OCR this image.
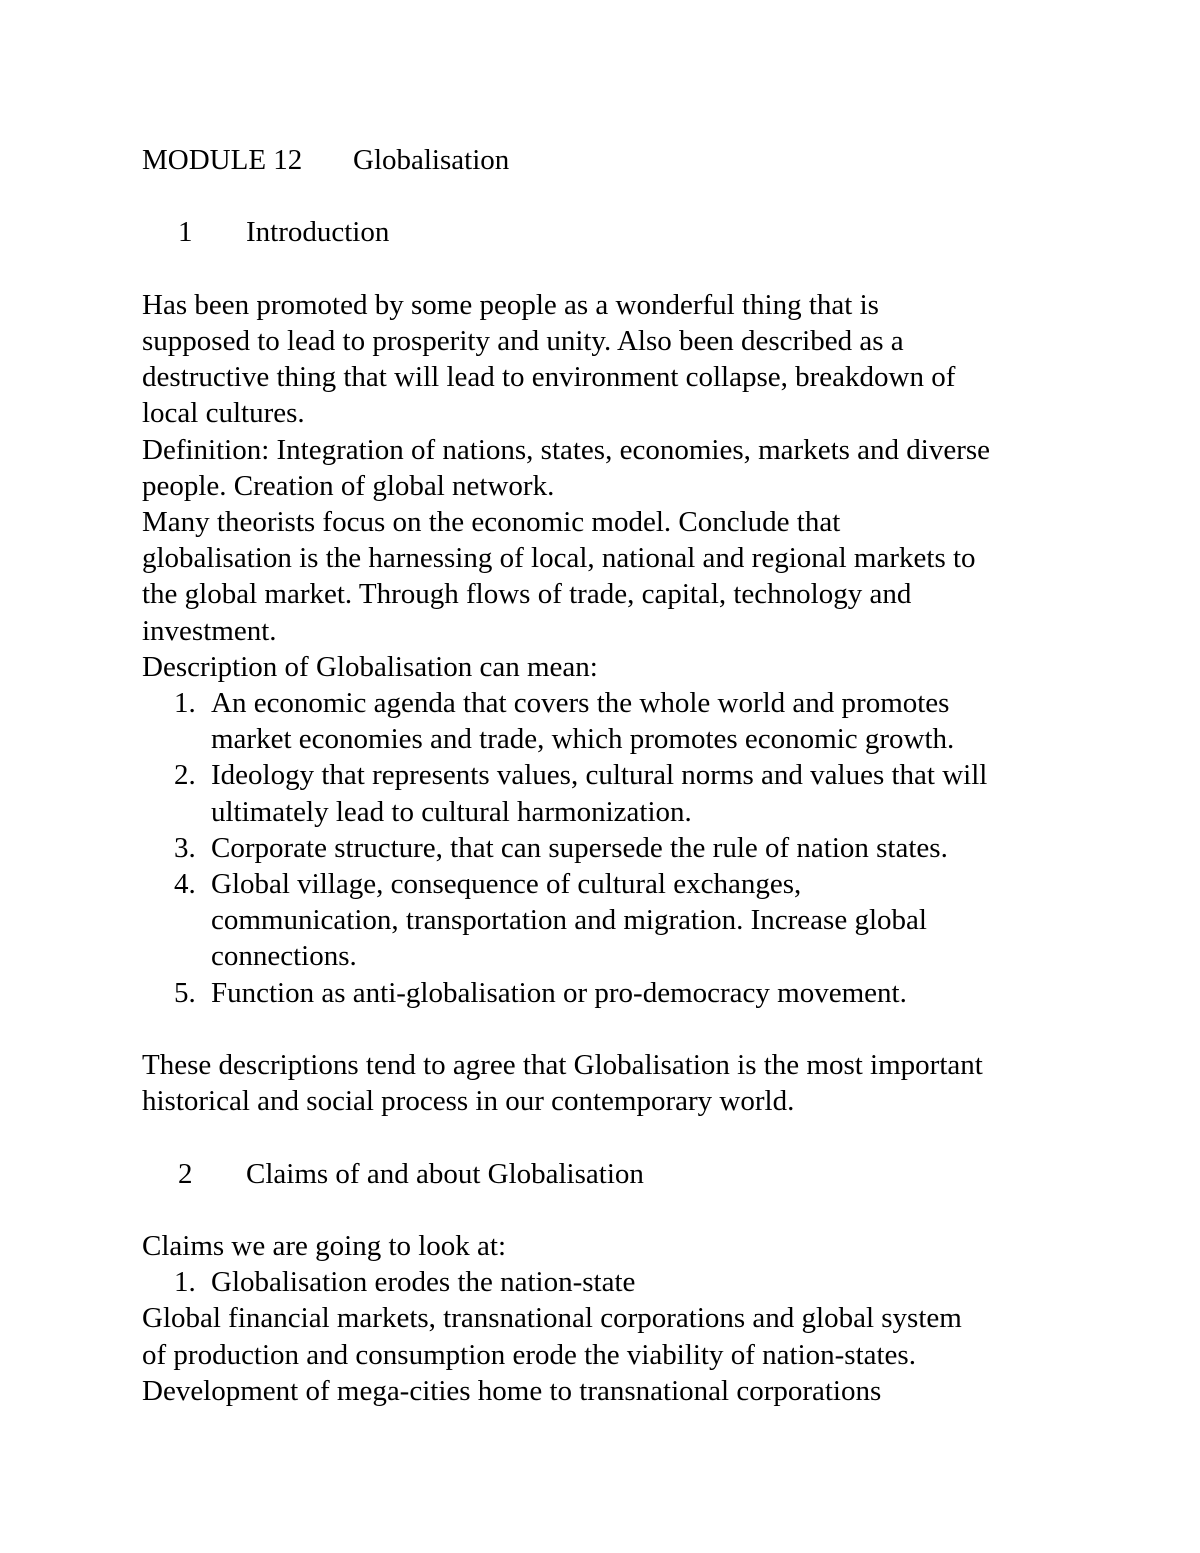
MODULE 12 Globalisation
1 Introduction
Has been promoted by some people as a wonderful thing that is
supposed to lead to prosperity and unity. Also been described as a
destructive thing that will lead to environment collapse, breakdown of
local cultures.
Definition: Integration of nations, states, economies, markets and diverse
people. Creation of global network.
Many theorists focus on the economic model. Conclude that
globalisation is the harnessing of local, national and regional markets to
the global market. Through flows of trade, capital, technology and
investment.
Description of Globalisation can mean:
1. An economic agenda that covers the whole world and promotes
market economies and trade, which promotes economic growth.
2. Ideology that represents values, cultural norms and values that will
ultimately lead to cultural harmonization.
3. Corporate structure, that can supersede the rule of nation states.
4. Global village, consequence of cultural exchanges,
communication, transportation and migration. Increase global
connections.
5. Function as anti-globalisation or pro-democracy movement.
These descriptions tend to agree that Globalisation is the most important
historical and social process in our contemporary world.
2 Claims of and about Globalisation
Claims we are going to look at:
1. Globalisation erodes the nation-state
Global financial markets, transnational corporations and global system
of production and consumption erode the viability of nation-states.
Development of mega-cities home to transnational corporations
